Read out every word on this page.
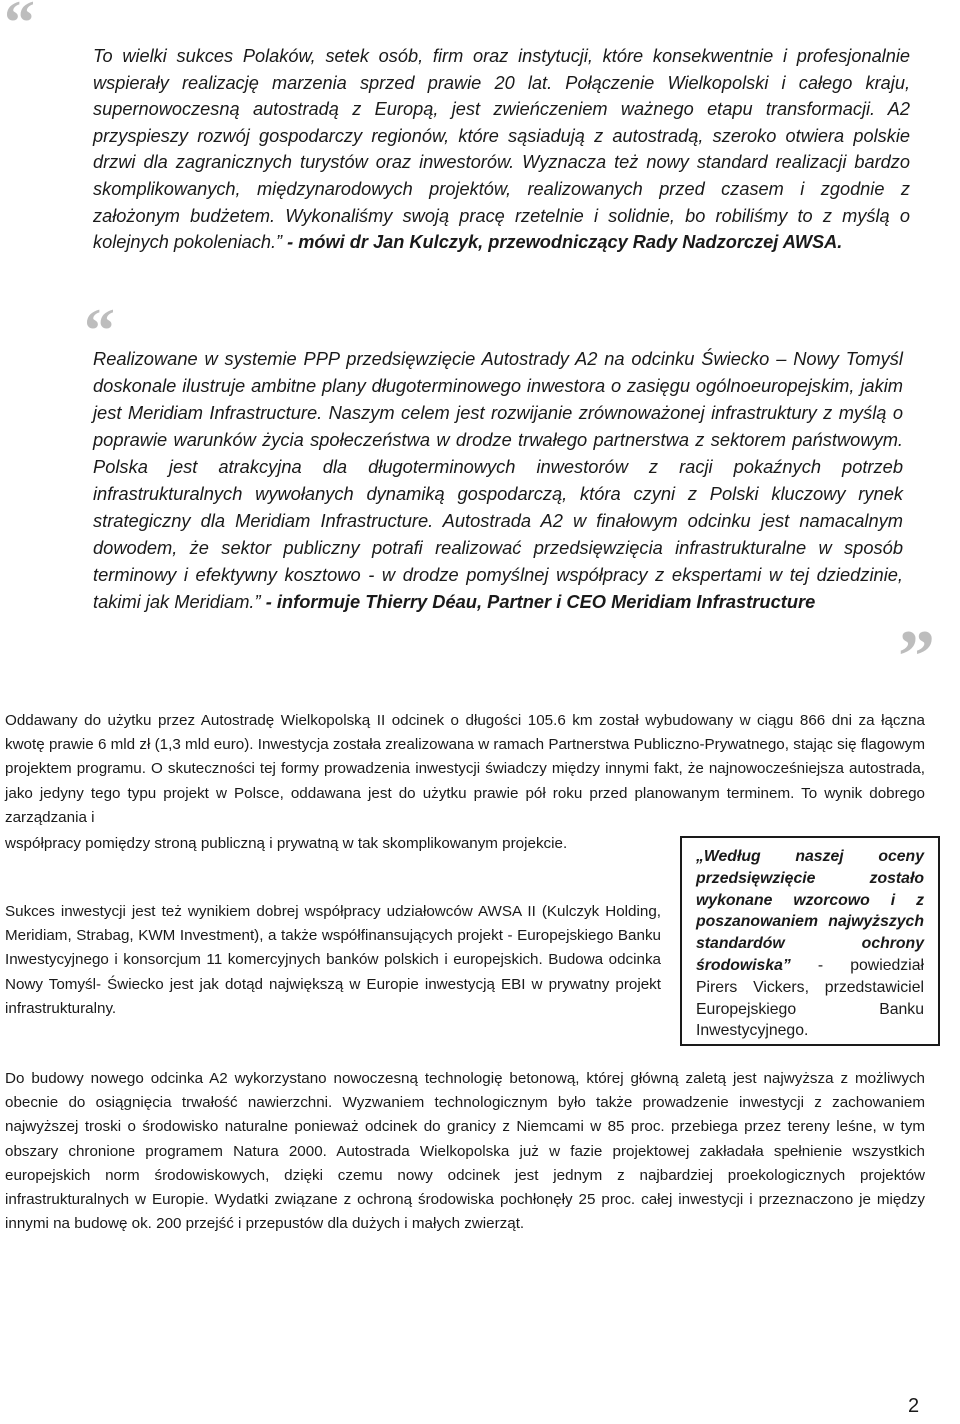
“	To wielki sukces Polaków, setek osób, firm oraz instytucji, które konsekwentnie i profesjonalnie wspierały realizację marzenia sprzed prawie 20 lat. Połączenie Wielkopolski i całego kraju, supernowoczesną autostradą z Europą, jest zwieńczeniem ważnego etapu transformacji. A2 przyspieszy rozwój gospodarczy regionów, które sąsiadują z autostradą, szeroko otwiera polskie drzwi dla zagranicznych turystów oraz inwestorów. Wyznacza też nowy standard realizacji bardzo skomplikowanych, międzynarodowych projektów, realizowanych przed czasem i zgodnie z założonym budżetem. Wykonaliśmy swoją pracę rzetelnie i solidnie, bo robiliśmy to z myślą o kolejnych pokoleniach.” - mówi dr Jan Kulczyk, przewodniczący Rady Nadzorczej AWSA.
“
Realizowane w systemie PPP przedsięwzięcie Autostrady A2 na odcinku Świecko – Nowy Tomyśl doskonale ilustruje ambitne plany długoterminowego inwestora o zasięgu ogólnoeuropejskim, jakim jest Meridiam Infrastructure. Naszym celem jest rozwijanie zrównoważonej infrastruktury z myślą o poprawie warunków życia społeczeństwa w drodze trwałego partnerstwa z sektorem państwowym. Polska jest atrakcyjna dla długoterminowych inwestorów z racji pokaźnych potrzeb infrastrukturalnych wywołanych dynamiką gospodarczą, która czyni z Polski kluczowy rynek strategiczny dla Meridiam Infrastructure. Autostrada A2 w finałowym odcinku jest namacalnym dowodem, że sektor publiczny potrafi realizować przedsięwzięcia infrastrukturalne w sposób terminowy i efektywny kosztowo - w drodze pomyślnej współpracy z ekspertami w tej dziedzinie, takimi jak Meridiam.” - informuje Thierry Déau, Partner i CEO Meridiam Infrastructure
”
Oddawany do użytku przez Autostradę Wielkopolską II odcinek o długości 105.6 km został wybudowany w ciągu 866 dni za łączna kwotę prawie 6 mld zł (1,3 mld euro). Inwestycja została zrealizowana w ramach Partnerstwa Publiczno-Prywatnego, stając się flagowym projektem programu. O skuteczności tej formy prowadzenia inwestycji świadczy między innymi fakt, że najnowocześniejsza autostrada, jako jedyny tego typu projekt w Polsce, oddawana jest do użytku prawie pół roku przed planowanym terminem. To wynik dobrego zarządzania i
współpracy pomiędzy stroną publiczną i prywatną w tak skomplikowanym projekcie.
Sukces inwestycji jest też wynikiem dobrej współpracy udziałowców AWSA II (Kulczyk Holding, Meridiam, Strabag, KWM Investment), a także współfinansujących projekt - Europejskiego Banku Inwestycyjnego i konsorcjum 11 komercyjnych banków polskich i europejskich. Budowa odcinka Nowy Tomyśl- Świecko jest jak dotąd największą w Europie inwestycją EBI w prywatny projekt infrastrukturalny.
„Według naszej oceny przedsięwzięcie zostało wykonane wzorcowo i z poszanowaniem najwyższych standardów ochrony środowiska” - powiedział Pirers Vickers, przedstawiciel Europejskiego Banku Inwestycyjnego.
Do budowy nowego odcinka A2 wykorzystano nowoczesną technologię betonową, której główną zaletą jest najwyższa z możliwych obecnie do osiągnięcia trwałość nawierzchni. Wyzwaniem technologicznym było także prowadzenie inwestycji z zachowaniem najwyższej troski o środowisko naturalne ponieważ odcinek do granicy z Niemcami w 85 proc. przebiega przez tereny leśne, w tym obszary chronione programem Natura 2000. Autostrada Wielkopolska już w fazie projektowej zakładała spełnienie wszystkich europejskich norm środowiskowych, dzięki czemu nowy odcinek jest jednym z najbardziej proekologicznych projektów infrastrukturalnych w Europie. Wydatki związane z ochroną środowiska pochłonęły 25 proc. całej inwestycji i przeznaczono je między innymi na budowę ok. 200 przejść i przepustów dla dużych i małych zwierząt.
2
